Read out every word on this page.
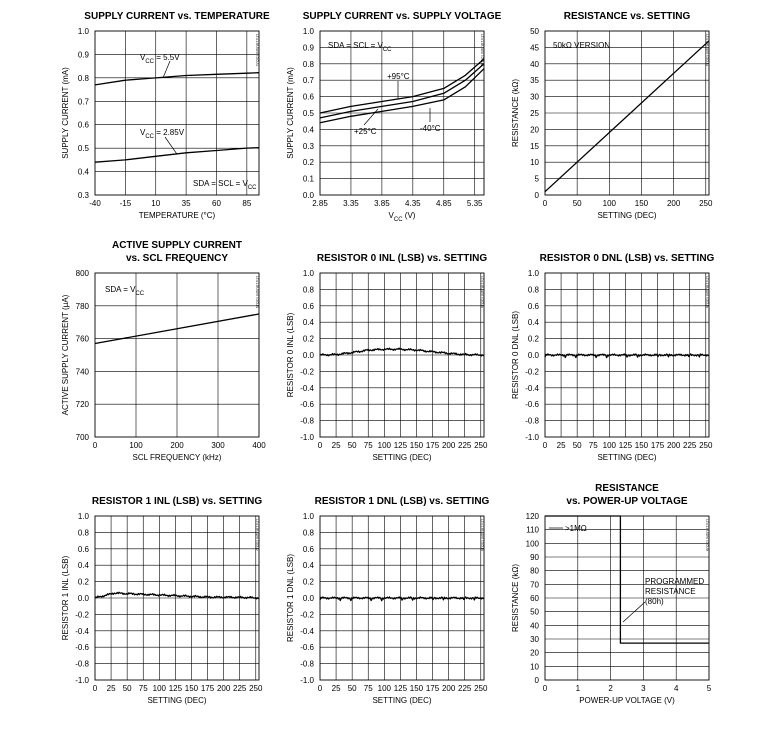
SUPPLY CURRENT vs. TEMPERATURE
-40 -15	10	35	60	85
0.3
0.4
0.5
0.6
0.7
0.8
0.9
1.0
TEMPERATURE (°C)
SUPPLY CURRENT (mA)
DS1804M toc01
$V_{CC} = 5.5V$
$V_{CC} = 2.85V$
SDA = SCL = $V_{CC}$
SUPPLY CURRENT vs. SUPPLY VOLTAGE
2.85 3.35 3.85 4.35 4.85 5.35
0.0
0.1
0.2
0.3
0.4
0.5
0.6
0.7
0.8
0.9
1.0
$V_{CC}$ (V)
SUPPLY CURRENT (mA)
DS1804M toc02
SDA = SCL = $V_{CC}$
+95°C
+25°C	-40°C
RESISTANCE vs. SETTING
0	50	100 150 200 250
0
5
10
15
20
25
30
35
40
45
50
SETTING (DEC)
RESISTANCE (kΩ)
DS1804M toc03
50kΩ VERSION
ACTIVE SUPPLY CURRENT
vs. SCL FREQUENCY
0	100	200	300	400
700
720
740
760
780
800
SCL FREQUENCY (kHz)
ACTIVE SUPPLY CURRENT (µA)
DS1804M toc04
SDA = $V_{CC}$
RESISTOR 0 INL (LSB) vs. SETTING
0 25 50 75 100 125 150 175 200 225 250
-1.0
-0.8
-0.6
-0.4
-0.2
0.0
0.2
0.4
0.6
0.8
1.0
SETTING (DEC)
RESISTOR 0 INL (LSB)
DS1804M toc05
RESISTOR 0 DNL (LSB) vs. SETTING
0 25 50 75 100 125 150 175 200 225 250
-1.0
-0.8
-0.6
-0.4
-0.2
0.0
0.2
0.4
0.6
0.8
1.0
SETTING (DEC)
RESISTOR 0 DNL (LSB)
DS1804M toc06
RESISTOR 1 INL (LSB) vs. SETTING
0 25 50 75 100 125 150 175 200 225 250
-1.0
-0.8
-0.6
-0.4
-0.2
0.0
0.2
0.4
0.6
0.8
1.0
SETTING (DEC)
RESISTOR 1 INL (LSB)
DS1804M toc07
RESISTOR 1 DNL (LSB) vs. SETTING
0 25 50 75 100 125 150 175 200 225 250
-1.0
-0.8
-0.6
-0.4
-0.2
0.0
0.2
0.4
0.6
0.8
1.0
SETTING (DEC)
RESISTOR 1 DNL (LSB)
DS1804M toc08
RESISTANCE
vs. POWER-UP VOLTAGE
0	1	2	3	4	5
0
10
20
30
40
50
60
70
80
90
100
110
120
POWER-UP VOLTAGE (V)
RESISTANCE (kΩ)
DS1804M toc09
>1MΩ
PROGRAMMED
RESISTANCE
(80h)
